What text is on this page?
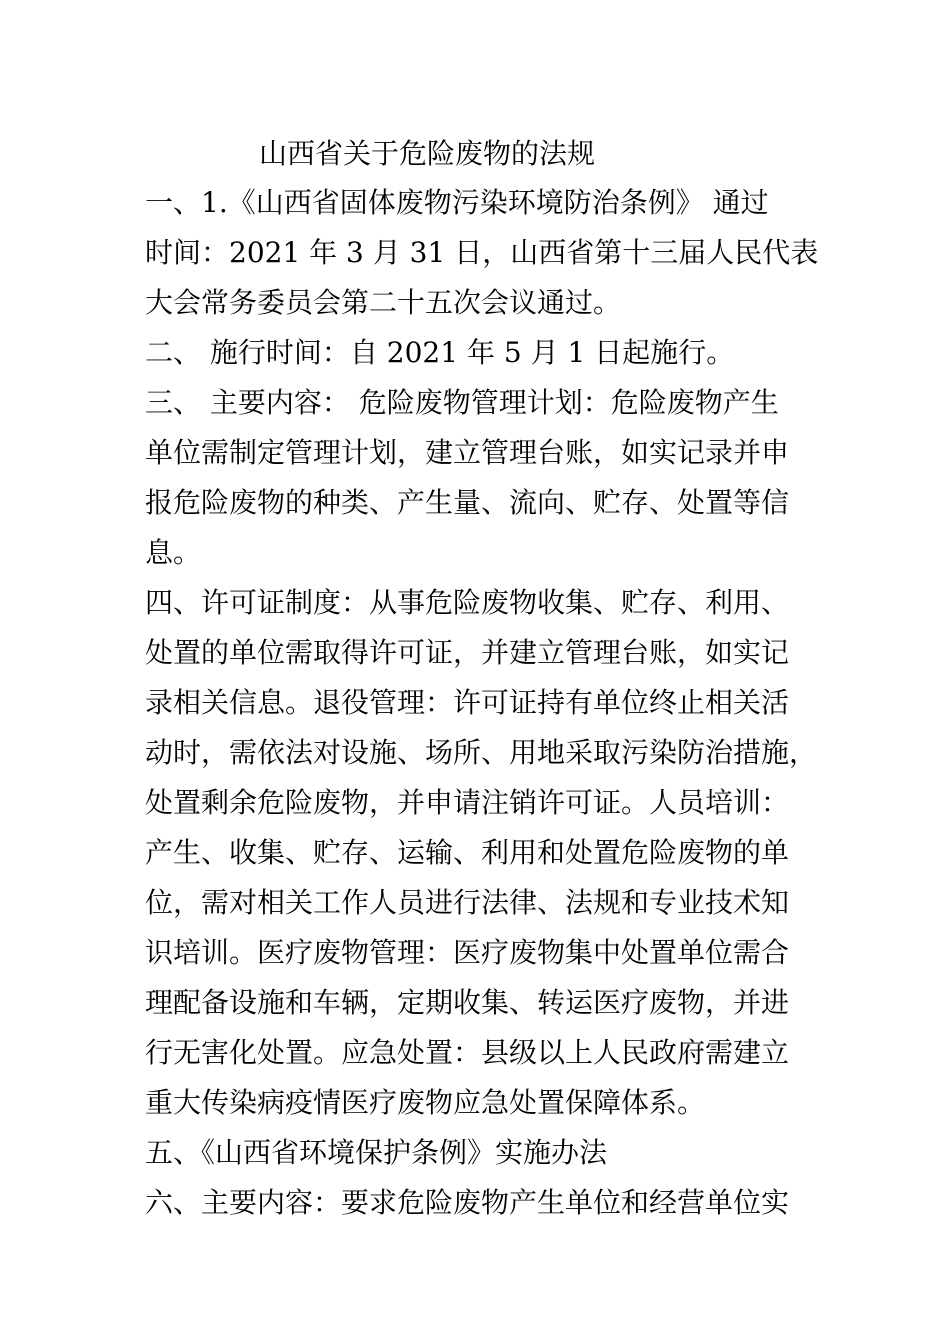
山西省关于危险废物的法规

一、1.《山西省固体废物污染环境防治条例》 通过

时间：2021 年 3 月 31 日，山西省第十三届人民代表

大会常务委员会第二十五次会议通过。

二、 施行时间：自 2021 年 5 月 1 日起施行。

三、 主要内容： 危险废物管理计划：危险废物产生

单位需制定管理计划，建立管理台账，如实记录并申

报危险废物的种类、产生量、流向、贮存、处置等信

息。

四、许可证制度：从事危险废物收集、贮存、利用、

处置的单位需取得许可证，并建立管理台账，如实记

录相关信息。退役管理：许可证持有单位终止相关活

动时，需依法对设施、场所、用地采取污染防治措施，

处置剩余危险废物，并申请注销许可证。人员培训：

产生、收集、贮存、运输、利用和处置危险废物的单

位，需对相关工作人员进行法律、法规和专业技术知

识培训。医疗废物管理：医疗废物集中处置单位需合

理配备设施和车辆，定期收集、转运医疗废物，并进

行无害化处置。应急处置：县级以上人民政府需建立

重大传染病疫情医疗废物应急处置保障体系。

五、《山西省环境保护条例》实施办法

六、主要内容：要求危险废物产生单位和经营单位实
